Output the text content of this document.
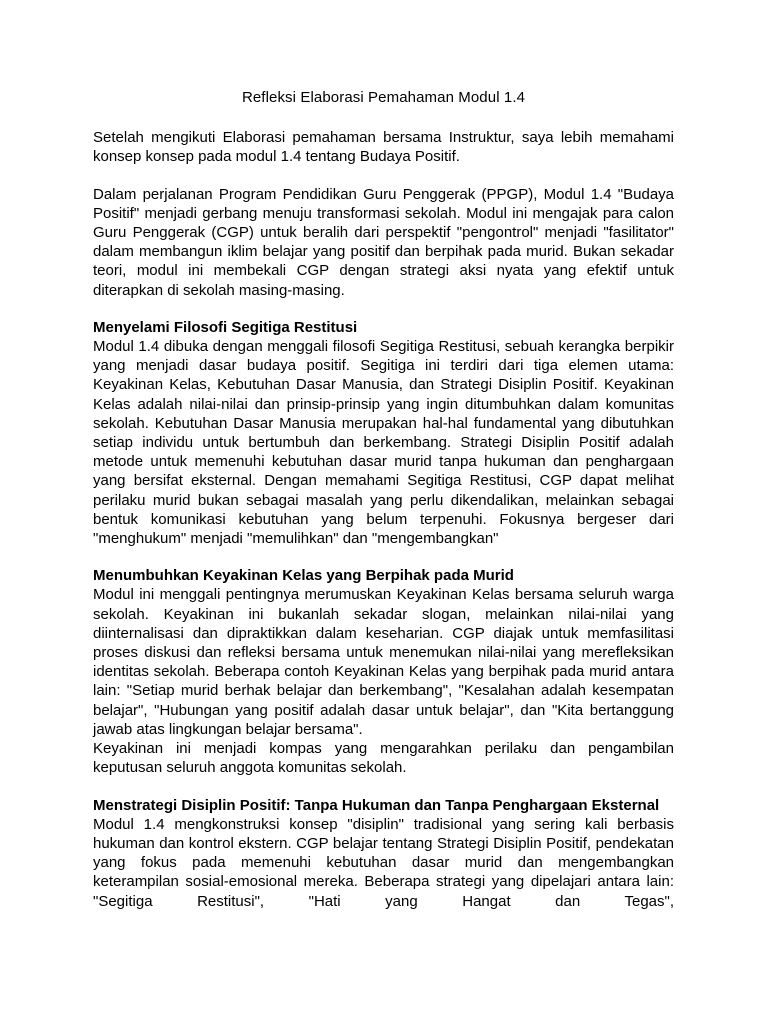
Refleksi Elaborasi Pemahaman Modul 1.4

Setelah mengikuti Elaborasi pemahaman bersama Instruktur, saya lebih memahami konsep konsep pada modul 1.4 tentang Budaya Positif.

Dalam perjalanan Program Pendidikan Guru Penggerak (PPGP), Modul 1.4 "Budaya Positif" menjadi gerbang menuju transformasi sekolah. Modul ini mengajak para calon Guru Penggerak (CGP) untuk beralih dari perspektif "pengontrol" menjadi "fasilitator" dalam membangun iklim belajar yang positif dan berpihak pada murid. Bukan sekadar teori, modul ini membekali CGP dengan strategi aksi nyata yang efektif untuk diterapkan di sekolah masing-masing.

Menyelami Filosofi Segitiga Restitusi
Modul 1.4 dibuka dengan menggali filosofi Segitiga Restitusi, sebuah kerangka berpikir yang menjadi dasar budaya positif. Segitiga ini terdiri dari tiga elemen utama: Keyakinan Kelas, Kebutuhan Dasar Manusia, dan Strategi Disiplin Positif. Keyakinan Kelas adalah nilai-nilai dan prinsip-prinsip yang ingin ditumbuhkan dalam komunitas sekolah. Kebutuhan Dasar Manusia merupakan hal-hal fundamental yang dibutuhkan setiap individu untuk bertumbuh dan berkembang. Strategi Disiplin Positif adalah metode untuk memenuhi kebutuhan dasar murid tanpa hukuman dan penghargaan yang bersifat eksternal. Dengan memahami Segitiga Restitusi, CGP dapat melihat perilaku murid bukan sebagai masalah yang perlu dikendalikan, melainkan sebagai bentuk komunikasi kebutuhan yang belum terpenuhi. Fokusnya bergeser dari "menghukum" menjadi "memulihkan" dan "mengembangkan"
Menumbuhkan Keyakinan Kelas yang Berpihak pada Murid
Modul ini menggali pentingnya merumuskan Keyakinan Kelas bersama seluruh warga sekolah. Keyakinan ini bukanlah sekadar slogan, melainkan nilai-nilai yang diinternalisasi dan dipraktikkan dalam keseharian. CGP diajak untuk memfasilitasi proses diskusi dan refleksi bersama untuk menemukan nilai-nilai yang merefleksikan identitas sekolah. Beberapa contoh Keyakinan Kelas yang berpihak pada murid antara lain: "Setiap murid berhak belajar dan berkembang", "Kesalahan adalah kesempatan belajar", "Hubungan yang positif adalah dasar untuk belajar", dan "Kita bertanggung jawab atas lingkungan belajar bersama".
Keyakinan ini menjadi kompas yang mengarahkan perilaku dan pengambilan keputusan seluruh anggota komunitas sekolah.
Menstrategi Disiplin Positif: Tanpa Hukuman dan Tanpa Penghargaan Eksternal
Modul 1.4 mengkonstruksi konsep "disiplin" tradisional yang sering kali berbasis hukuman dan kontrol ekstern. CGP belajar tentang Strategi Disiplin Positif, pendekatan yang fokus pada memenuhi kebutuhan dasar murid dan mengembangkan keterampilan sosial-emosional mereka. Beberapa strategi yang dipelajari antara lain: "Segitiga Restitusi", "Hati yang Hangat dan Tegas",
